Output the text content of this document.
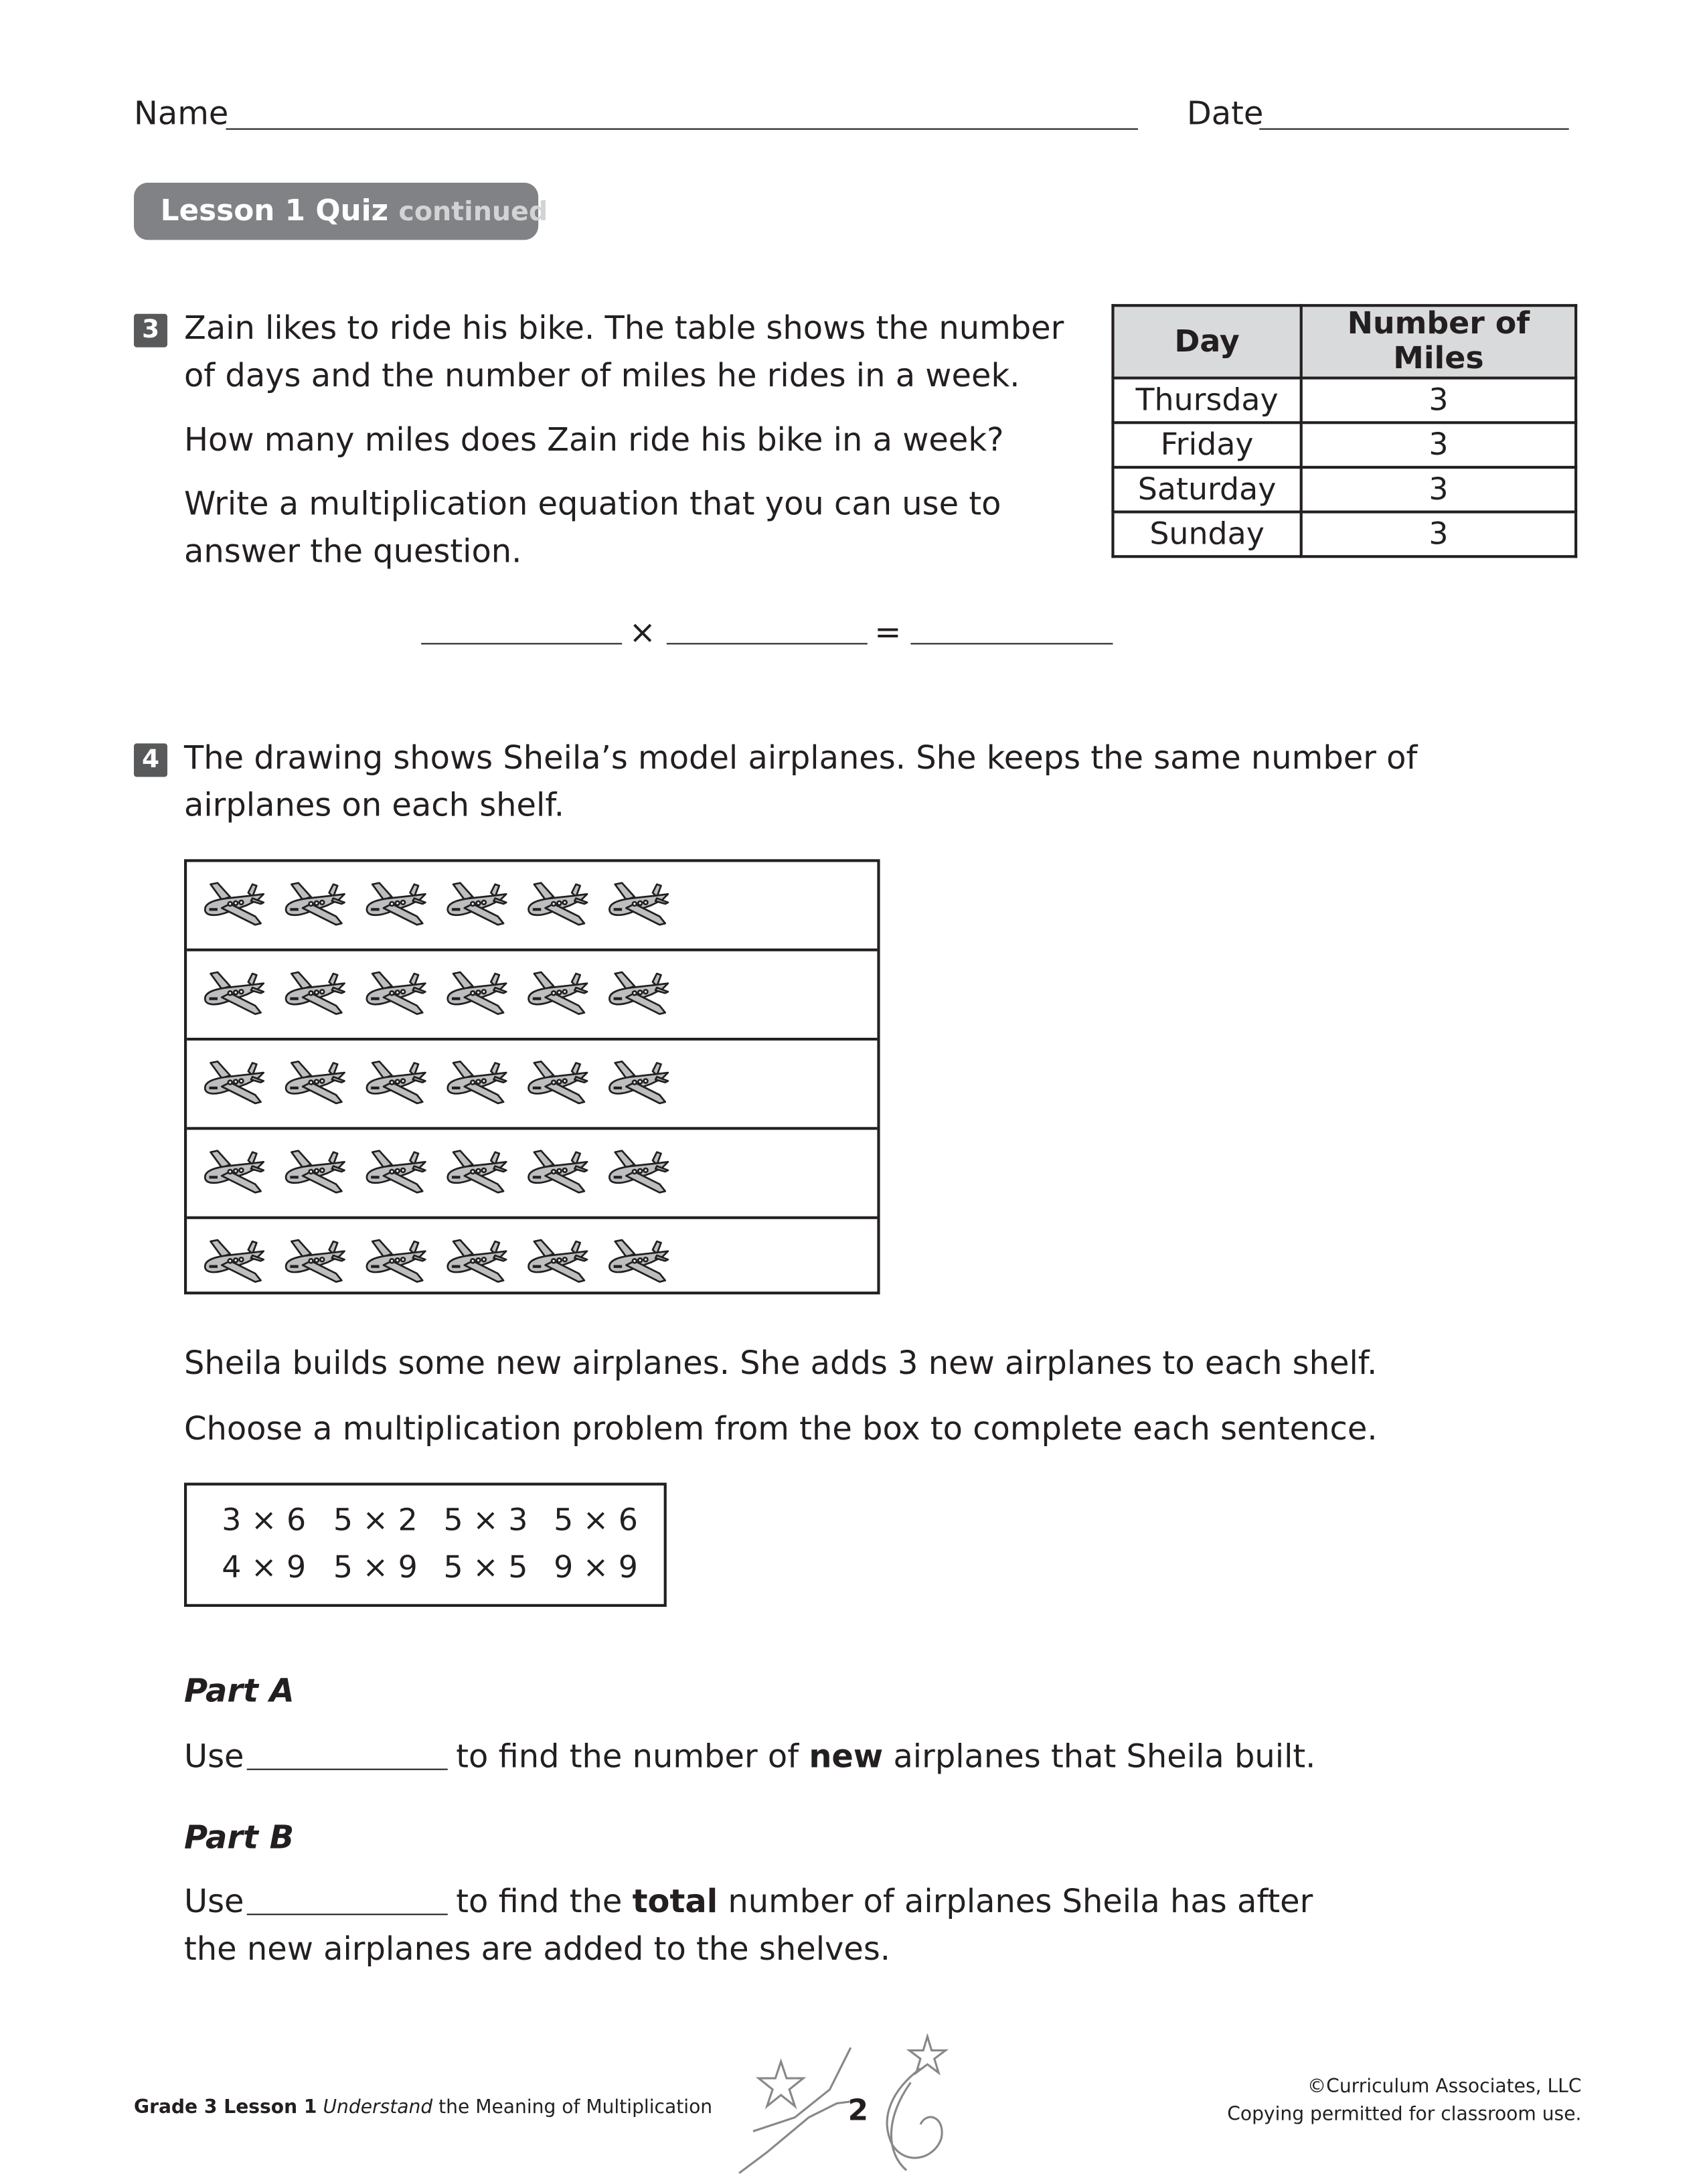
Name	Date
Lesson 1 Quiz continued
3	Zain likes to ride his bike. The table shows the number
of days and the number of miles he rides in a week.
How many miles does Zain ride his bike in a week?
Write a multiplication equation that you can use to
answer the question.
Day	Number of Miles
Thursday	3
Friday	3
Saturday	3
Sunday	3
×	=
4	The drawing shows Sheila’s model airplanes. She keeps the same number of
airplanes on each shelf.
Sheila builds some new airplanes. She adds 3 new airplanes to each shelf.
Choose a multiplication problem from the box to complete each sentence.
3 × 6 5 × 2 5 × 3 5 × 6
4 × 9 5 × 9 5 × 5 9 × 9
Part A
Use	to find the number of new airplanes that Sheila built.
Part B
Use	to find the total number of airplanes Sheila has after
the new airplanes are added to the shelves.
Grade 3 Lesson 1 Understand the Meaning of Multiplication	2
©Curriculum Associates, LLC
Copying permitted for classroom use.
